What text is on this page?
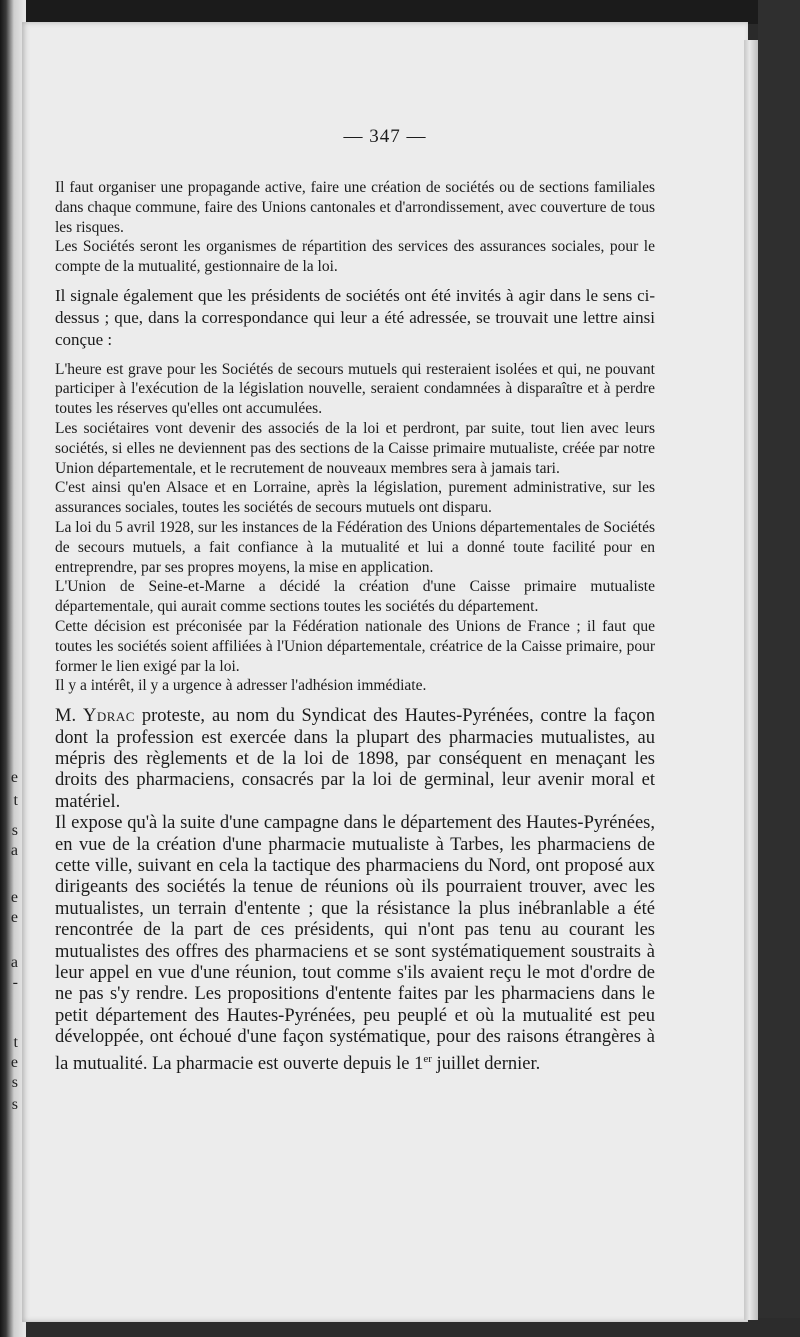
e
t
s
a
e
e
a
-
t
e
s
s
— 347 —

Il faut organiser une propagande active, faire une création de sociétés ou de sections familiales dans chaque commune, faire des Unions cantonales et d'arrondissement, avec couverture de tous les risques.

Les Sociétés seront les organismes de répartition des services des assurances sociales, pour le compte de la mutualité, gestionnaire de la loi.

Il signale également que les présidents de sociétés ont été invités à agir dans le sens ci-dessus ; que, dans la correspondance qui leur a été adressée, se trouvait une lettre ainsi conçue :

L'heure est grave pour les Sociétés de secours mutuels qui resteraient isolées et qui, ne pouvant participer à l'exécution de la législation nouvelle, seraient condamnées à disparaître et à perdre toutes les réserves qu'elles ont accumulées.

Les sociétaires vont devenir des associés de la loi et perdront, par suite, tout lien avec leurs sociétés, si elles ne deviennent pas des sections de la Caisse primaire mutualiste, créée par notre Union départementale, et le recrutement de nouveaux membres sera à jamais tari.

C'est ainsi qu'en Alsace et en Lorraine, après la législation, purement administrative, sur les assurances sociales, toutes les sociétés de secours mutuels ont disparu.

La loi du 5 avril 1928, sur les instances de la Fédération des Unions départementales de Sociétés de secours mutuels, a fait confiance à la mutualité et lui a donné toute facilité pour en entreprendre, par ses propres moyens, la mise en application.

L'Union de Seine-et-Marne a décidé la création d'une Caisse primaire mutualiste départementale, qui aurait comme sections toutes les sociétés du département.

Cette décision est préconisée par la Fédération nationale des Unions de France ; il faut que toutes les sociétés soient affiliées à l'Union départementale, créatrice de la Caisse primaire, pour former le lien exigé par la loi.

Il y a intérêt, il y a urgence à adresser l'adhésion immédiate.

M. Ydrac proteste, au nom du Syndicat des Hautes-Pyrénées, contre la façon dont la profession est exercée dans la plupart des pharmacies mutualistes, au mépris des règlements et de la loi de 1898, par conséquent en menaçant les droits des pharmaciens, consacrés par la loi de germinal, leur avenir moral et matériel.

Il expose qu'à la suite d'une campagne dans le département des Hautes-Pyrénées, en vue de la création d'une pharmacie mutualiste à Tarbes, les pharmaciens de cette ville, suivant en cela la tactique des pharmaciens du Nord, ont proposé aux dirigeants des sociétés la tenue de réunions où ils pourraient trouver, avec les mutualistes, un terrain d'entente ; que la résistance la plus inébranlable a été rencontrée de la part de ces présidents, qui n'ont pas tenu au courant les mutualistes des offres des pharmaciens et se sont systématiquement soustraits à leur appel en vue d'une réunion, tout comme s'ils avaient reçu le mot d'ordre de ne pas s'y rendre. Les propositions d'entente faites par les pharmaciens dans le petit département des Hautes-Pyrénées, peu peuplé et où la mutualité est peu développée, ont échoué d'une façon systématique, pour des raisons étrangères à la mutualité. La pharmacie est ouverte depuis le 1er juillet dernier.
